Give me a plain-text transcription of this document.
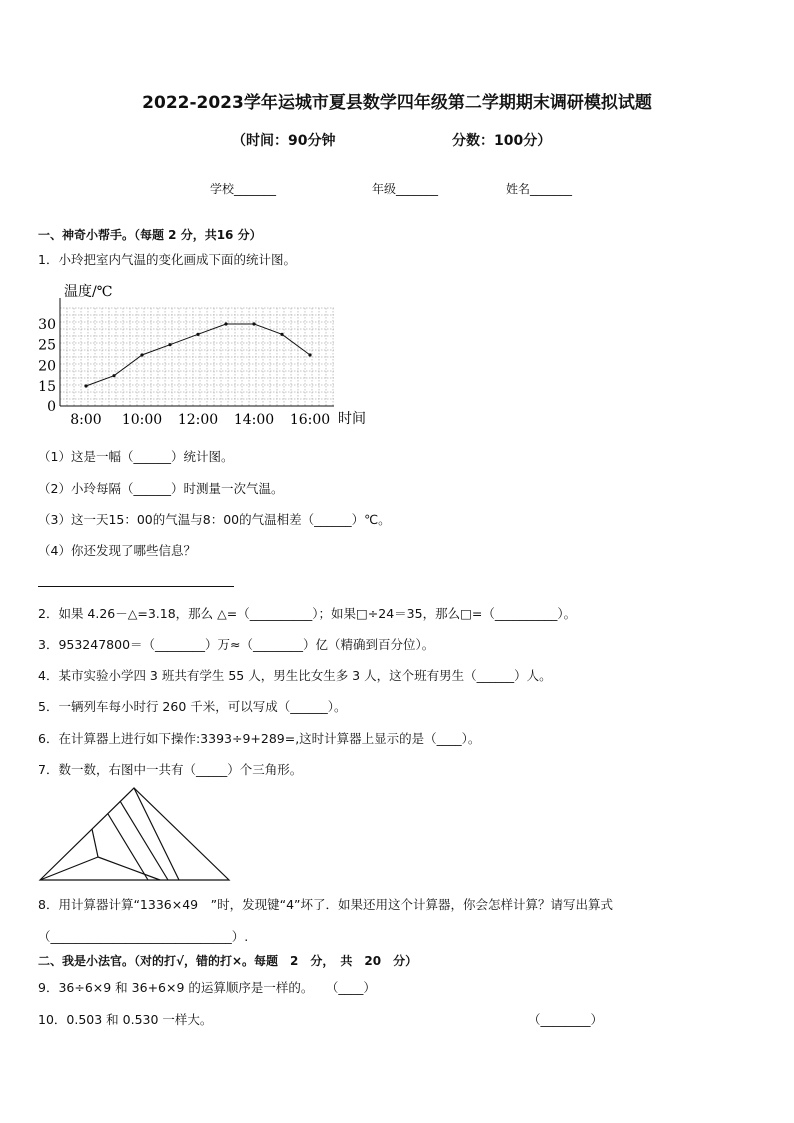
2022-2023学年运城市夏县数学四年级第二学期期末调研模拟试题
（时间：90分钟	分数：100分）
学校_______	年级_______	姓名_______
一、神奇小帮手。（每题 2 分，共16 分）
1．小玲把室内气温的变化画成下面的统计图。
温度/℃
时间
0
15
20
25
30
8:00 10:00 12:00 14:00 16:00
（1）这是一幅（______）统计图。
（2）小玲每隔（______）时测量一次气温。
（3）这一天15：00的气温与8：00的气温相差（______）℃。
（4）你还发现了哪些信息？
2．如果 4.26－△=3.18，那么 △=（__________）；如果□÷24＝35，那么□=（__________）。
3．953247800＝（________）万≈（________）亿（精确到百分位）。
4．某市实验小学四 3 班共有学生 55 人，男生比女生多 3 人，这个班有男生（______）人。
5．一辆列车每小时行 260 千米，可以写成（______）。
6．在计算器上进行如下操作:3393÷9+289=,这时计算器上显示的是（____）。
7．数一数，右图中一共有（_____）个三角形。
8．用计算器计算“1336×49　”时，发现键“4”坏了．如果还用这个计算器，你会怎样计算？请写出算式
（_____________________________）.
二、我是小法官。（对的打√，错的打×。每题　2　分，　共　20　分）
9．36÷6×9 和 36+6×9 的运算顺序是一样的。　　（____）
10．0.503 和 0.530 一样大。	（________）
